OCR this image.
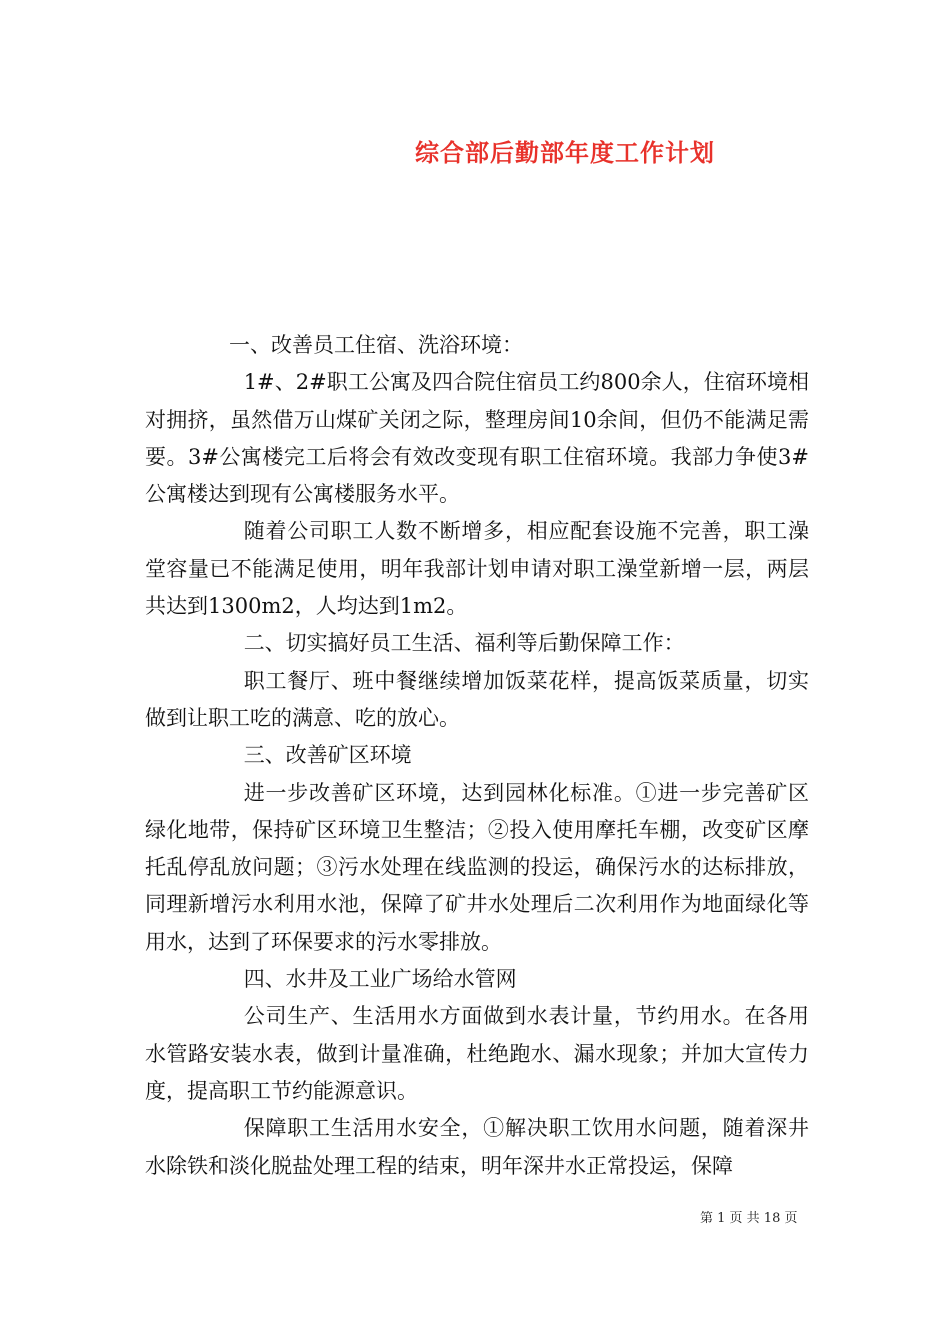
综合部后勤部年度工作计划

一、改善员工住宿、洗浴环境：

1#、2#职工公寓及四合院住宿员工约800余人，住宿环境相对拥挤，虽然借万山煤矿关闭之际，整理房间10余间，但仍不能满足需要。3#公寓楼完工后将会有效改变现有职工住宿环境。我部力争使3#公寓楼达到现有公寓楼服务水平。

随着公司职工人数不断增多，相应配套设施不完善，职工澡堂容量已不能满足使用，明年我部计划申请对职工澡堂新增一层，两层共达到1300m2，人均达到1m2。

二、切实搞好员工生活、福利等后勤保障工作：

职工餐厅、班中餐继续增加饭菜花样，提高饭菜质量，切实做到让职工吃的满意、吃的放心。

三、改善矿区环境

进一步改善矿区环境，达到园林化标准。①进一步完善矿区绿化地带，保持矿区环境卫生整洁；②投入使用摩托车棚，改变矿区摩托乱停乱放问题；③污水处理在线监测的投运，确保污水的达标排放，同理新增污水利用水池，保障了矿井水处理后二次利用作为地面绿化等用水，达到了环保要求的污水零排放。

四、水井及工业广场给水管网

公司生产、生活用水方面做到水表计量，节约用水。在各用水管路安装水表，做到计量准确，杜绝跑水、漏水现象；并加大宣传力度，提高职工节约能源意识。

保障职工生活用水安全，①解决职工饮用水问题，随着深井水除铁和淡化脱盐处理工程的结束，明年深井水正常投运，保障

第 1 页 共 18 页
